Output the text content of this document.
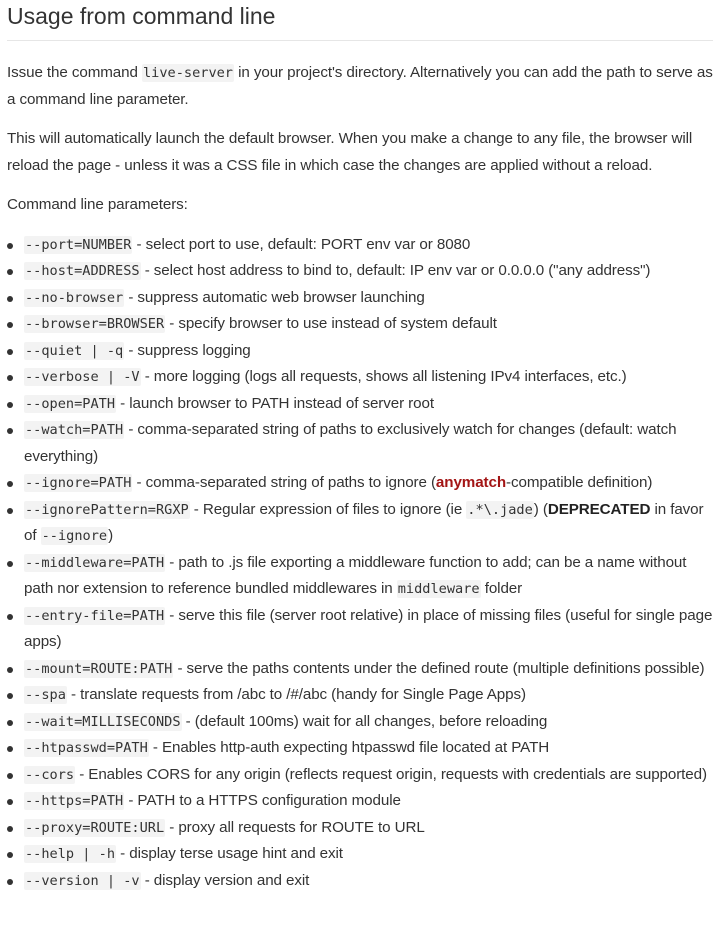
Usage from command line

Issue the command live-server in your project's directory. Alternatively you can add the path to serve as a command line parameter.

This will automatically launch the default browser. When you make a change to any file, the browser will reload the page - unless it was a CSS file in which case the changes are applied without a reload.

Command line parameters:

--port=NUMBER - select port to use, default: PORT env var or 8080
--host=ADDRESS - select host address to bind to, default: IP env var or 0.0.0.0 ("any address")
--no-browser - suppress automatic web browser launching
--browser=BROWSER - specify browser to use instead of system default
--quiet | -q - suppress logging
--verbose | -V - more logging (logs all requests, shows all listening IPv4 interfaces, etc.)
--open=PATH - launch browser to PATH instead of server root
--watch=PATH - comma-separated string of paths to exclusively watch for changes (default: watch everything)
--ignore=PATH - comma-separated string of paths to ignore (anymatch-compatible definition)
--ignorePattern=RGXP - Regular expression of files to ignore (ie .*\.jade) (DEPRECATED in favor of --ignore)
--middleware=PATH - path to .js file exporting a middleware function to add; can be a name without path nor extension to reference bundled middlewares in middleware folder
--entry-file=PATH - serve this file (server root relative) in place of missing files (useful for single page apps)
--mount=ROUTE:PATH - serve the paths contents under the defined route (multiple definitions possible)
--spa - translate requests from /abc to /#/abc (handy for Single Page Apps)
--wait=MILLISECONDS - (default 100ms) wait for all changes, before reloading
--htpasswd=PATH - Enables http-auth expecting htpasswd file located at PATH
--cors - Enables CORS for any origin (reflects request origin, requests with credentials are supported)
--https=PATH - PATH to a HTTPS configuration module
--proxy=ROUTE:URL - proxy all requests for ROUTE to URL
--help | -h - display terse usage hint and exit
--version | -v - display version and exit
